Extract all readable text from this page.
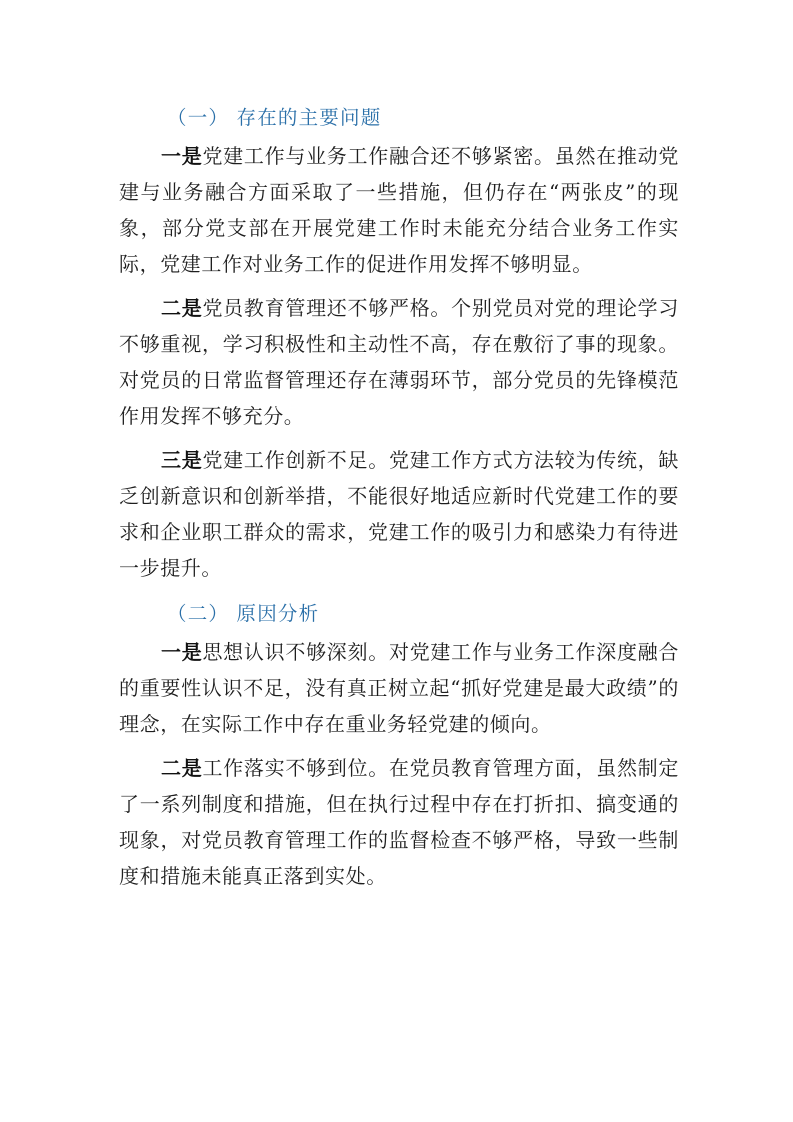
（一） 存在的主要问题

一是党建工作与业务工作融合还不够紧密。虽然在推动党建与业务融合方面采取了一些措施，但仍存在“两张皮”的现象，部分党支部在开展党建工作时未能充分结合业务工作实际，党建工作对业务工作的促进作用发挥不够明显。

二是党员教育管理还不够严格。个别党员对党的理论学习不够重视，学习积极性和主动性不高，存在敷衍了事的现象。对党员的日常监督管理还存在薄弱环节，部分党员的先锋模范作用发挥不够充分。

三是党建工作创新不足。党建工作方式方法较为传统，缺乏创新意识和创新举措，不能很好地适应新时代党建工作的要求和企业职工群众的需求，党建工作的吸引力和感染力有待进一步提升。

（二） 原因分析

一是思想认识不够深刻。对党建工作与业务工作深度融合的重要性认识不足，没有真正树立起“抓好党建是最大政绩”的理念，在实际工作中存在重业务轻党建的倾向。

二是工作落实不够到位。在党员教育管理方面，虽然制定了一系列制度和措施，但在执行过程中存在打折扣、搞变通的现象，对党员教育管理工作的监督检查不够严格，导致一些制度和措施未能真正落到实处。
